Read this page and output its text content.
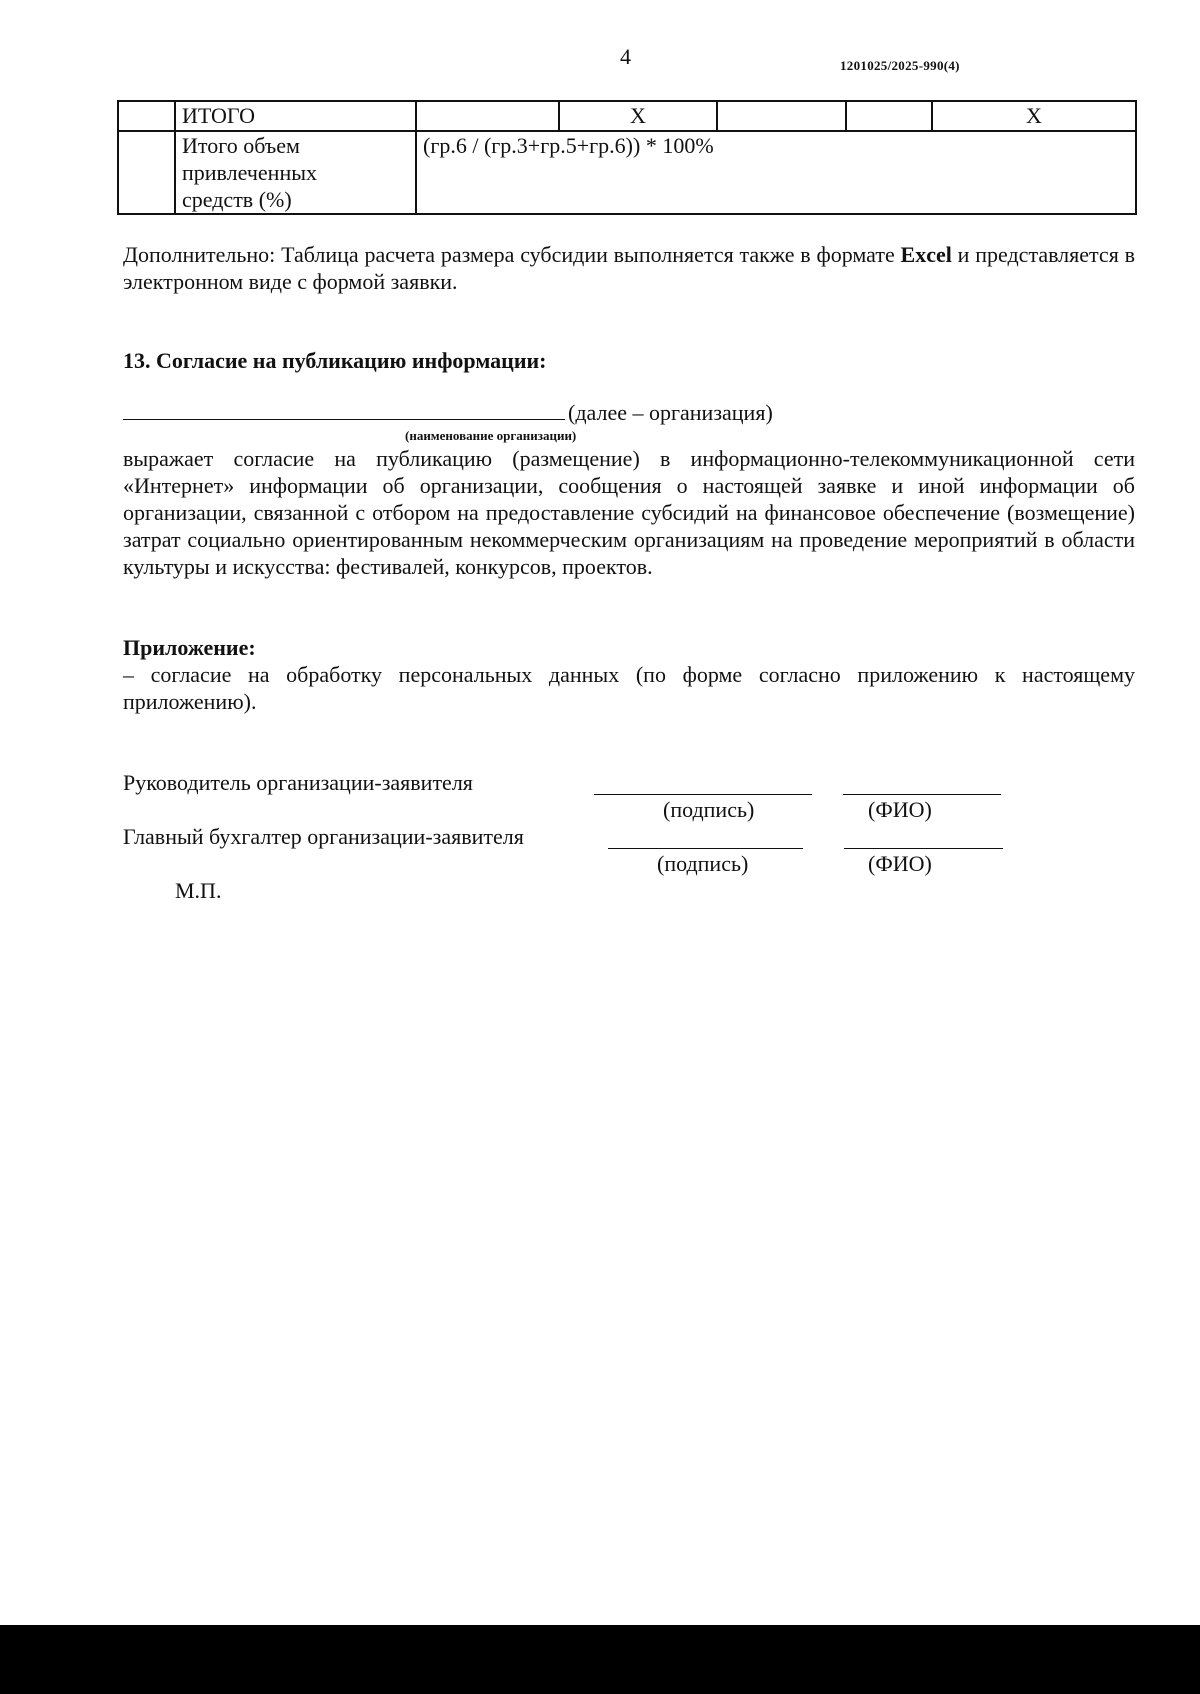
4	1201025/2025-990(4)
	ИТОГО		X			X

	Итого объем
привлеченных
средств (%)	(гр.6 / (гр.3+гр.5+гр.6)) * 100%				
Дополнительно: Таблица расчета размера субсидии выполняется также в формате Excel и представляется в электронном виде с формой заявки.
13. Согласие на публикацию информации:
(далее – организация)
(наименование организации)
выражает согласие на публикацию (размещение) в информационно-телекоммуникационной сети «Интернет» информации об организации, сообщения о настоящей заявке и иной информации об организации, связанной с отбором на предоставление субсидий на финансовое обеспечение (возмещение) затрат социально ориентированным некоммерческим организациям на проведение мероприятий в области культуры и искусства: фестивалей, конкурсов, проектов.
Приложение:
– согласие на обработку персональных данных (по форме согласно приложению к настоящему приложению).
Руководитель организации-заявителя
(подпись)	(ФИО)
Главный бухгалтер организации-заявителя
(подпись)	(ФИО)
М.П.
